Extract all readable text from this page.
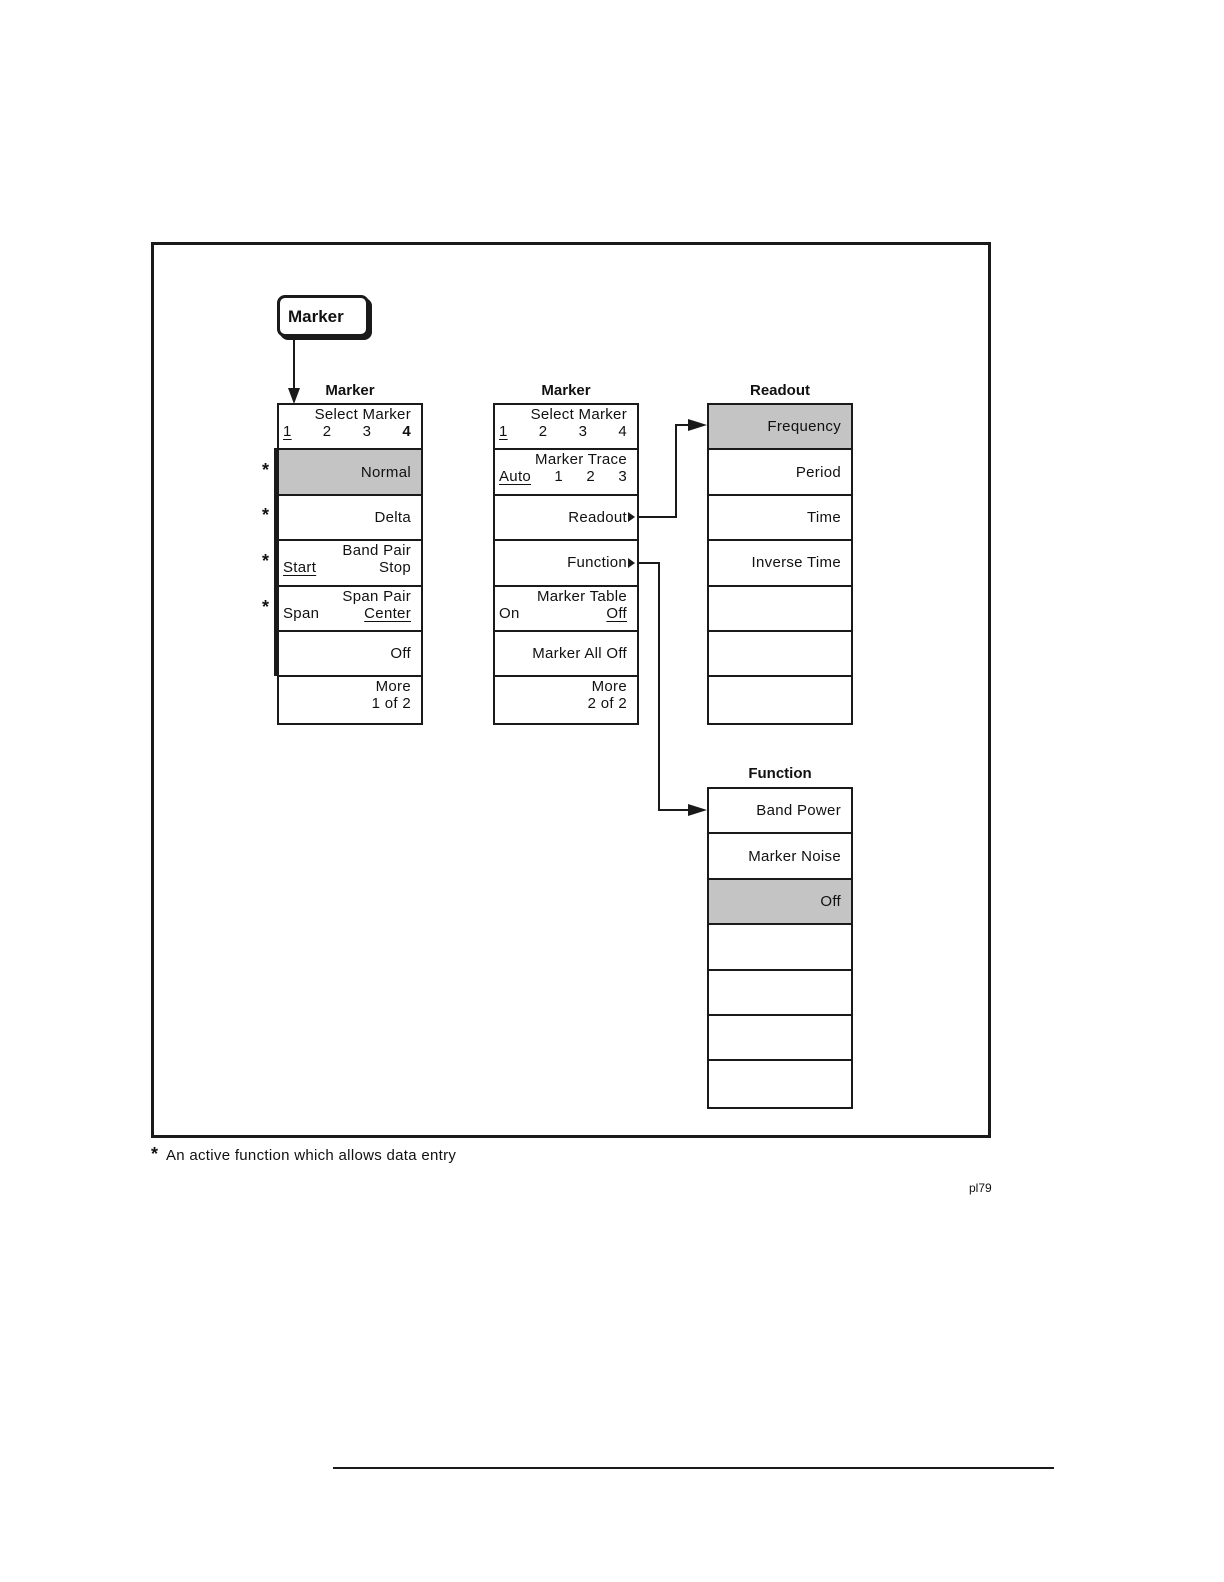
Marker
Marker
Select Marker
1 2 3 4
Normal
Delta
Band Pair
Start	Stop
Span Pair
Span	Center
Off
More
1 of 2
*
*
*
*
Marker
Select Marker
1 2 3 4
Marker Trace
Auto 1 2 3
Readout
Function
Marker Table
On	Off
Marker All Off
More
2 of 2
Readout
Frequency
Period
Time
Inverse Time
Function
Band Power
Marker Noise
Off
* An active function which allows data entry
pl79
